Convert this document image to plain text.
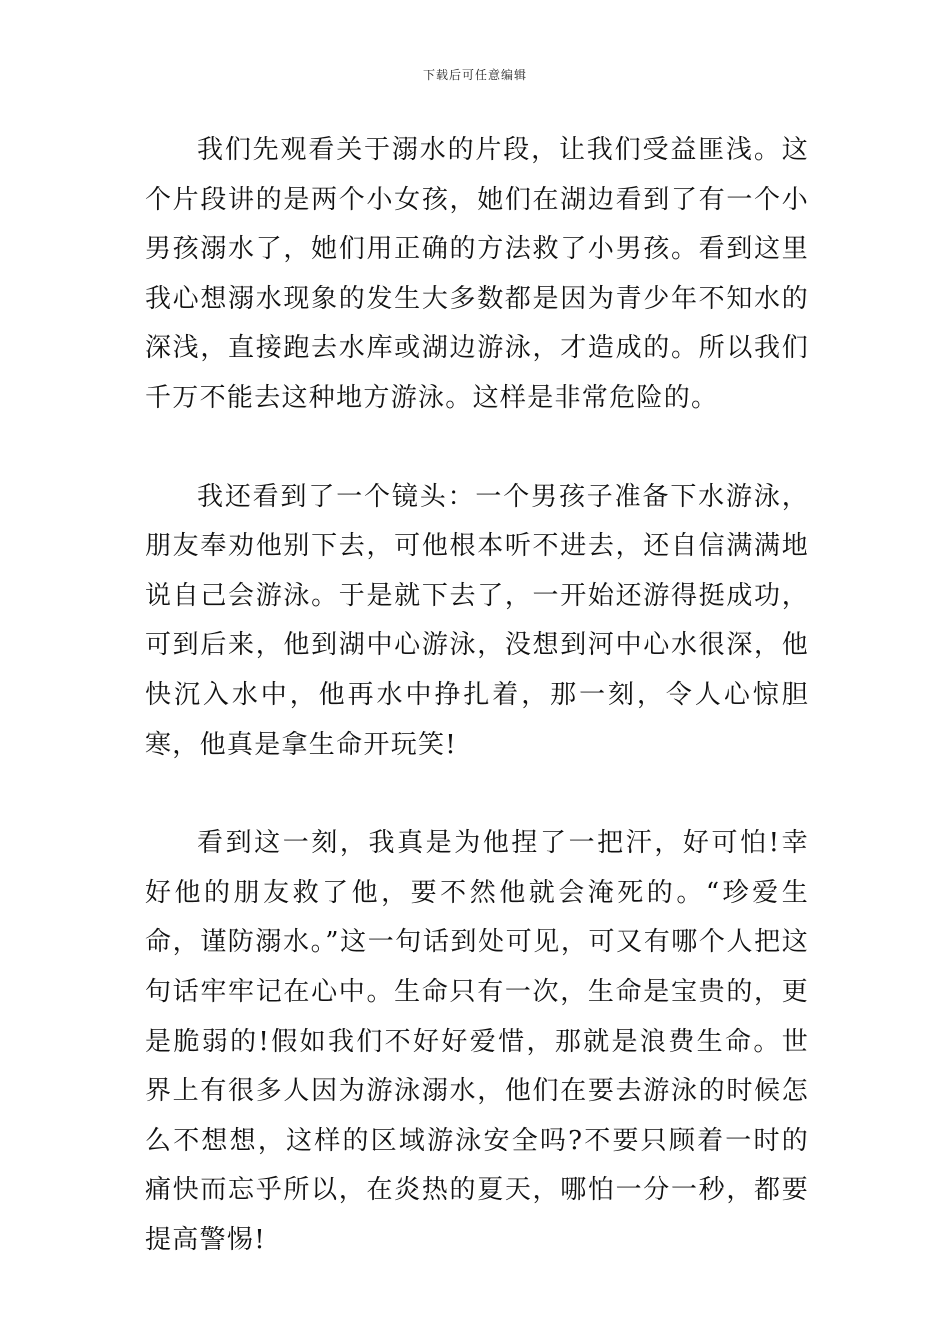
下载后可任意编辑

我们先观看关于溺水的片段，让我们受益匪浅。这个片段讲的是两个小女孩，她们在湖边看到了有一个小男孩溺水了，她们用正确的方法救了小男孩。看到这里我心想溺水现象的发生大多数都是因为青少年不知水的深浅，直接跑去水库或湖边游泳，才造成的。所以我们千万不能去这种地方游泳。这样是非常危险的。

我还看到了一个镜头：一个男孩子准备下水游泳，朋友奉劝他别下去，可他根本听不进去，还自信满满地说自己会游泳。于是就下去了，一开始还游得挺成功，可到后来，他到湖中心游泳，没想到河中心水很深，他快沉入水中，他再水中挣扎着，那一刻，令人心惊胆寒，他真是拿生命开玩笑!

看到这一刻，我真是为他捏了一把汗，好可怕!幸好他的朋友救了他，要不然他就会淹死的。“珍爱生命，谨防溺水。”这一句话到处可见，可又有哪个人把这句话牢牢记在心中。生命只有一次，生命是宝贵的，更是脆弱的!假如我们不好好爱惜，那就是浪费生命。世界上有很多人因为游泳溺水，他们在要去游泳的时候怎么不想想，这样的区域游泳安全吗?不要只顾着一时的痛快而忘乎所以，在炎热的夏天，哪怕一分一秒，都要提高警惕!
